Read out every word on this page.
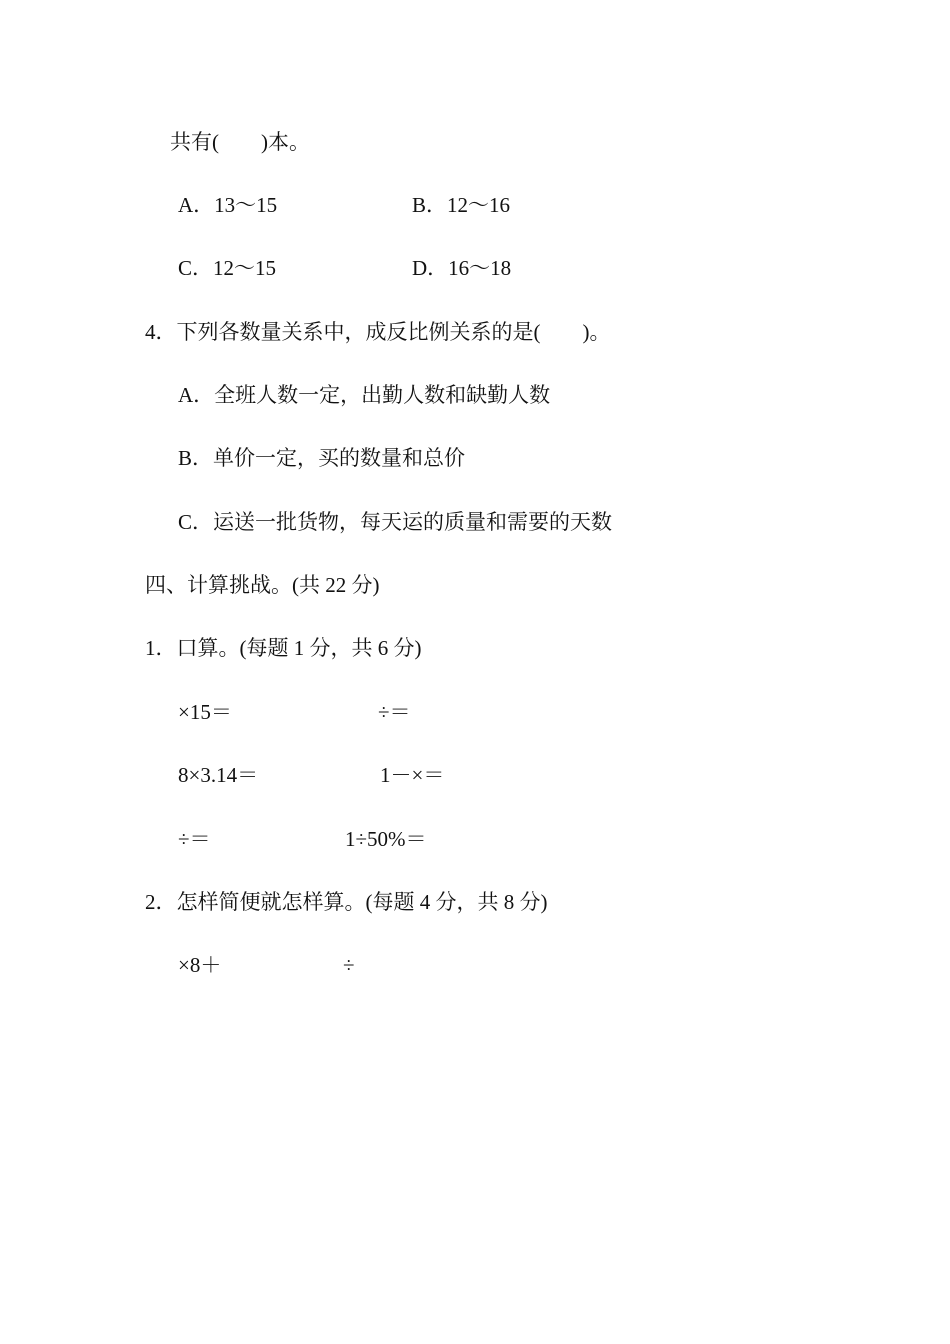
共有(　　)本。
A．13～15	B．12～16
C．12～15	D．16～18
4．下列各数量关系中，成反比例关系的是(　　)。
A．全班人数一定，出勤人数和缺勤人数
B．单价一定，买的数量和总价
C．运送一批货物，每天运的质量和需要的天数
四、计算挑战。(共 22 分)
1．口算。(每题 1 分，共 6 分)
×15＝	÷＝
8×3.14＝	1－×＝
÷＝	1÷50%＝
2．怎样简便就怎样算。(每题 4 分，共 8 分)
×8＋	÷
